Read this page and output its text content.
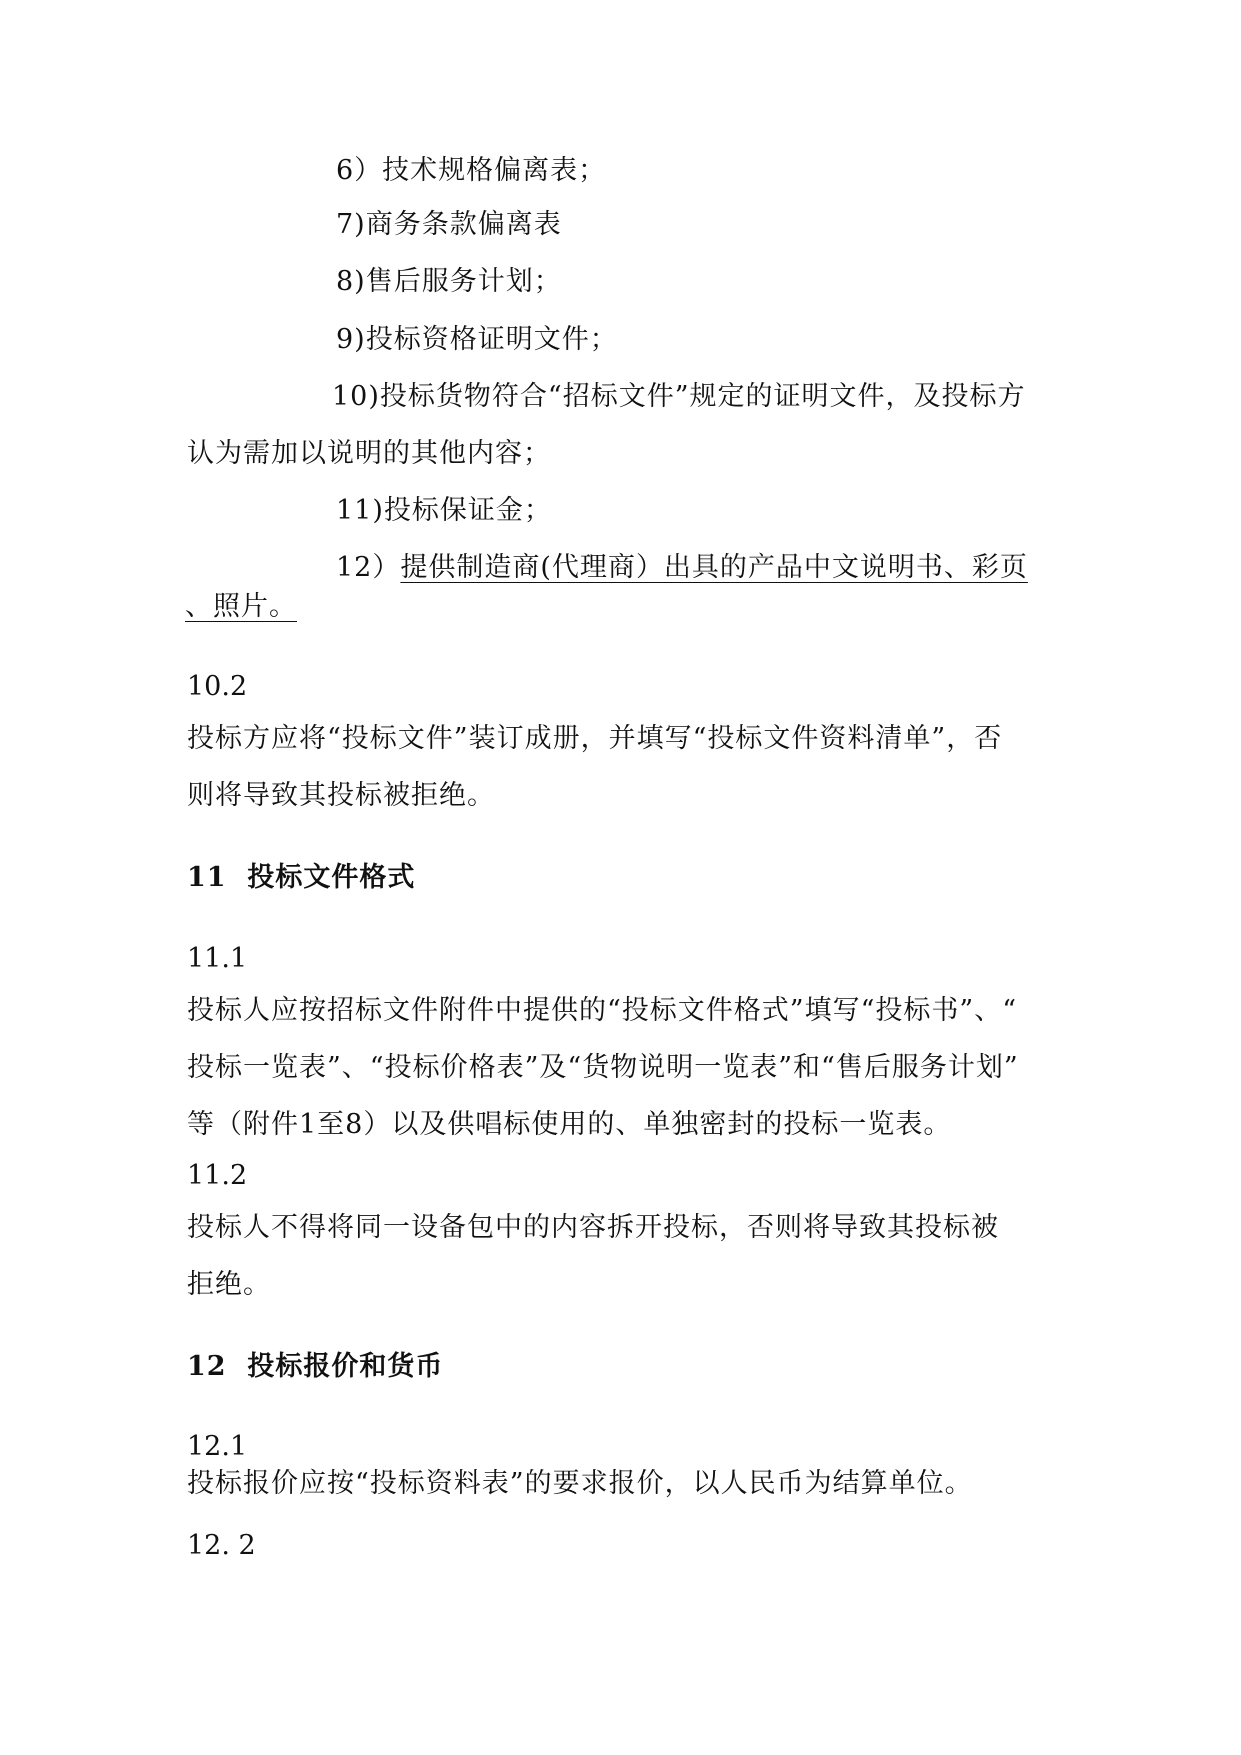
6）技术规格偏离表；
7)商务条款偏离表
8)售后服务计划；
9)投标资格证明文件；
10)投标货物符合“招标文件”规定的证明文件，及投标方
认为需加以说明的其他内容；
11)投标保证金；
12）提供制造商(代理商）出具的产品中文说明书、彩页
、照片。
10.2
投标方应将“投标文件”装订成册，并填写“投标文件资料清单”，否
则将导致其投标被拒绝。
11  投标文件格式
11.1
投标人应按招标文件附件中提供的“投标文件格式”填写“投标书”、“
投标一览表”、“投标价格表”及“货物说明一览表”和“售后服务计划”
等（附件1至8）以及供唱标使用的、单独密封的投标一览表。
11.2
投标人不得将同一设备包中的内容拆开投标，否则将导致其投标被
拒绝。
12  投标报价和货币
12.1
投标报价应按“投标资料表”的要求报价，以人民币为结算单位。
12. 2
